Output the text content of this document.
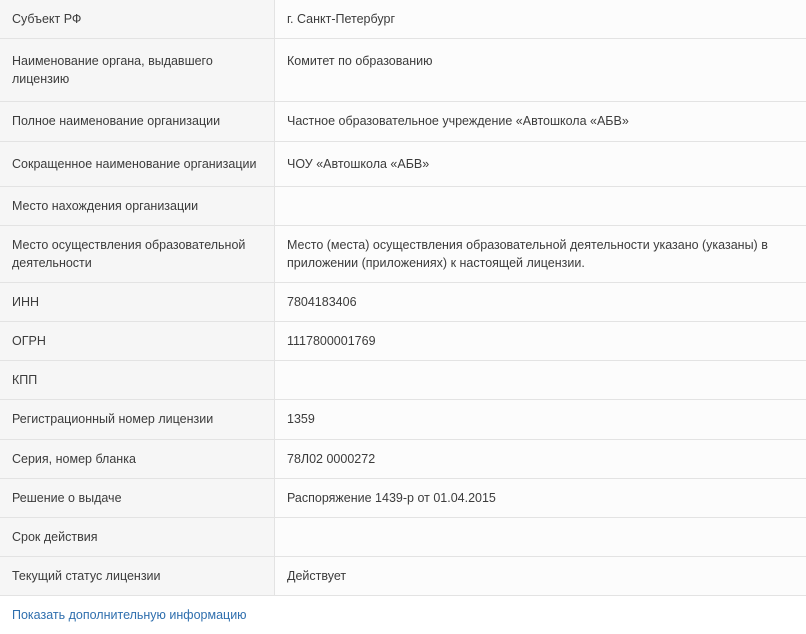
Субъект РФ	г. Санкт-Петербург
Наименование органа, выдавшего лицензию	Комитет по образованию
Полное наименование организации	Частное образовательное учреждение «Автошкола «АБВ»
Сокращенное наименование организации	ЧОУ «Автошкола «АБВ»
Место нахождения организации	
Место осуществления образовательной деятельности	Место (места) осуществления образовательной деятельности указано (указаны) в приложении (приложениях) к настоящей лицензии.
ИНН	7804183406
ОГРН	1117800001769
КПП	
Регистрационный номер лицензии	1359
Серия, номер бланка	78Л02 0000272
Решение о выдаче	Распоряжение 1439-р от 01.04.2015
Срок действия	
Текущий статус лицензии	Действует
Показать дополнительную информацию
